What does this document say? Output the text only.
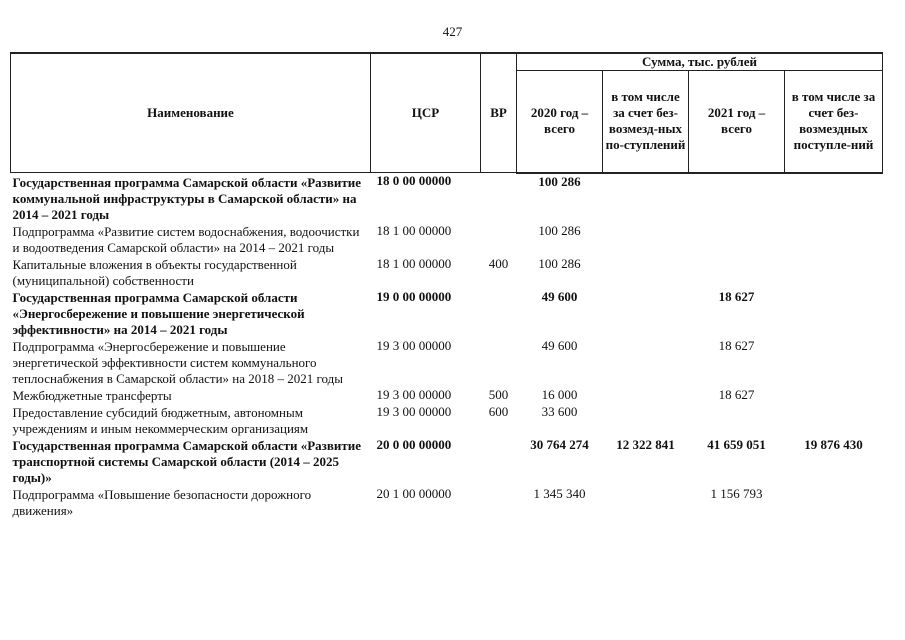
427
Наименование	ЦСР	ВР	Сумма, тыс. рублей			
			2020 год – всего	в том числе за счет без-возмезд-ных по-ступлений	2021 год – всего	в том числе за счет без-возмездных поступле-ний
Государственная программа Самарской области «Развитие коммунальной инфраструктуры в Самарской области» на 2014 – 2021 годы	18 0 00 00000		100 286			
Подпрограмма «Развитие систем водоснабжения, водоочистки и водоотведения Самарской области» на 2014 – 2021 годы	18 1 00 00000		100 286			
Капитальные вложения в объекты государственной (муниципальной) собственности	18 1 00 00000	400	100 286			
Государственная программа Самарской области «Энергосбережение и повышение энергетической эффективности» на 2014 – 2021 годы	19 0 00 00000		49 600		18 627	
Подпрограмма «Энергосбережение и повышение энергетической эффективности систем коммунального теплоснабжения в Самарской области» на 2018 – 2021 годы	19 3 00 00000		49 600		18 627	
Межбюджетные трансферты	19 3 00 00000	500	16 000		18 627	
Предоставление субсидий бюджетным, автономным учреждениям и иным некоммерческим организациям	19 3 00 00000	600	33 600			
Государственная программа Самарской области «Развитие транспортной системы Самарской области (2014 – 2025 годы)»	20 0 00 00000		30 764 274	12 322 841	41 659 051	19 876 430
Подпрограмма «Повышение безопасности дорожного движения»	20 1 00 00000		1 345 340		1 156 793	
